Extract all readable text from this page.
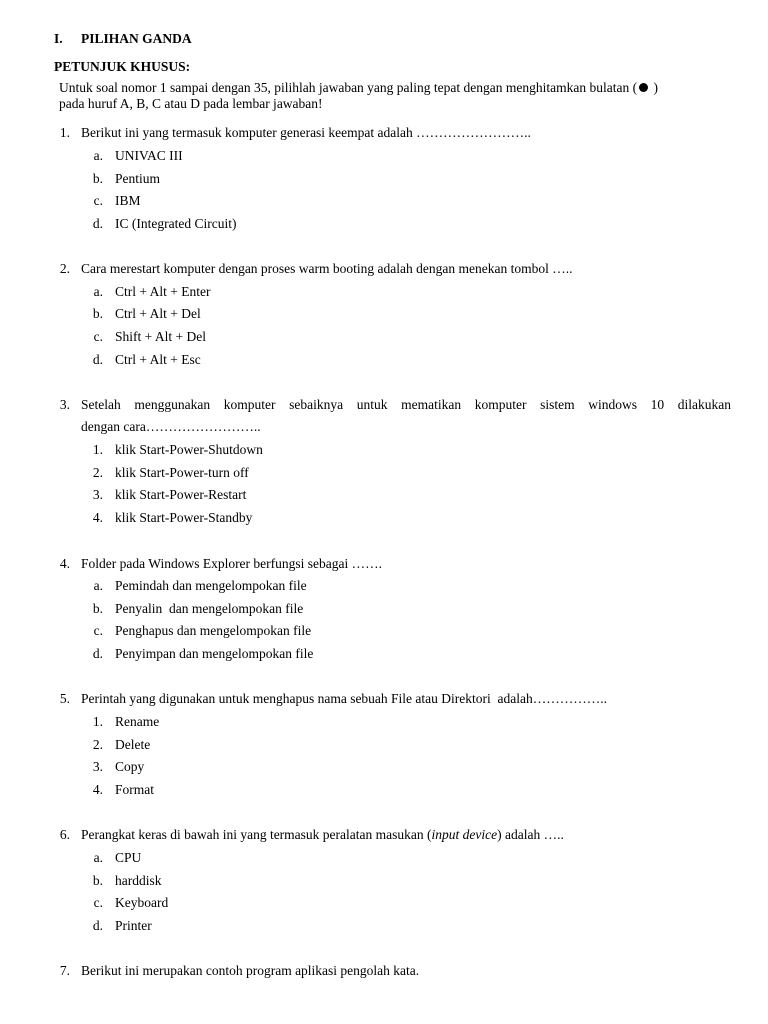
I. PILIHAN GANDA
PETUNJUK KHUSUS:
Untuk soal nomor 1 sampai dengan 35, pilihlah jawaban yang paling tepat dengan menghitamkan bulatan ( )
pada huruf A, B, C atau D pada lembar jawaban!
1. Berikut ini yang termasuk komputer generasi keempat adalah ……………………..
a. UNIVAC III
b. Pentium
c. IBM
d. IC (Integrated Circuit)
2. Cara merestart komputer dengan proses warm booting adalah dengan menekan tombol …..
a. Ctrl + Alt + Enter
b. Ctrl + Alt + Del
c. Shift + Alt + Del
d. Ctrl + Alt + Esc
3. Setelah menggunakan komputer sebaiknya untuk mematikan komputer sistem windows 10 dilakukan
dengan cara……………………..
1. klik Start-Power-Shutdown
2. klik Start-Power-turn off
3. klik Start-Power-Restart
4. klik Start-Power-Standby
4. Folder pada Windows Explorer berfungsi sebagai …….
a. Pemindah dan mengelompokan file
b. Penyalin  dan mengelompokan file
c. Penghapus dan mengelompokan file
d. Penyimpan dan mengelompokan file
5. Perintah yang digunakan untuk menghapus nama sebuah File atau Direktori  adalah……………..
1. Rename
2. Delete
3. Copy
4. Format
6. Perangkat keras di bawah ini yang termasuk peralatan masukan (input device) adalah …..
a. CPU
b. harddisk
c. Keyboard
d. Printer
7. Berikut ini merupakan contoh program aplikasi pengolah kata.
